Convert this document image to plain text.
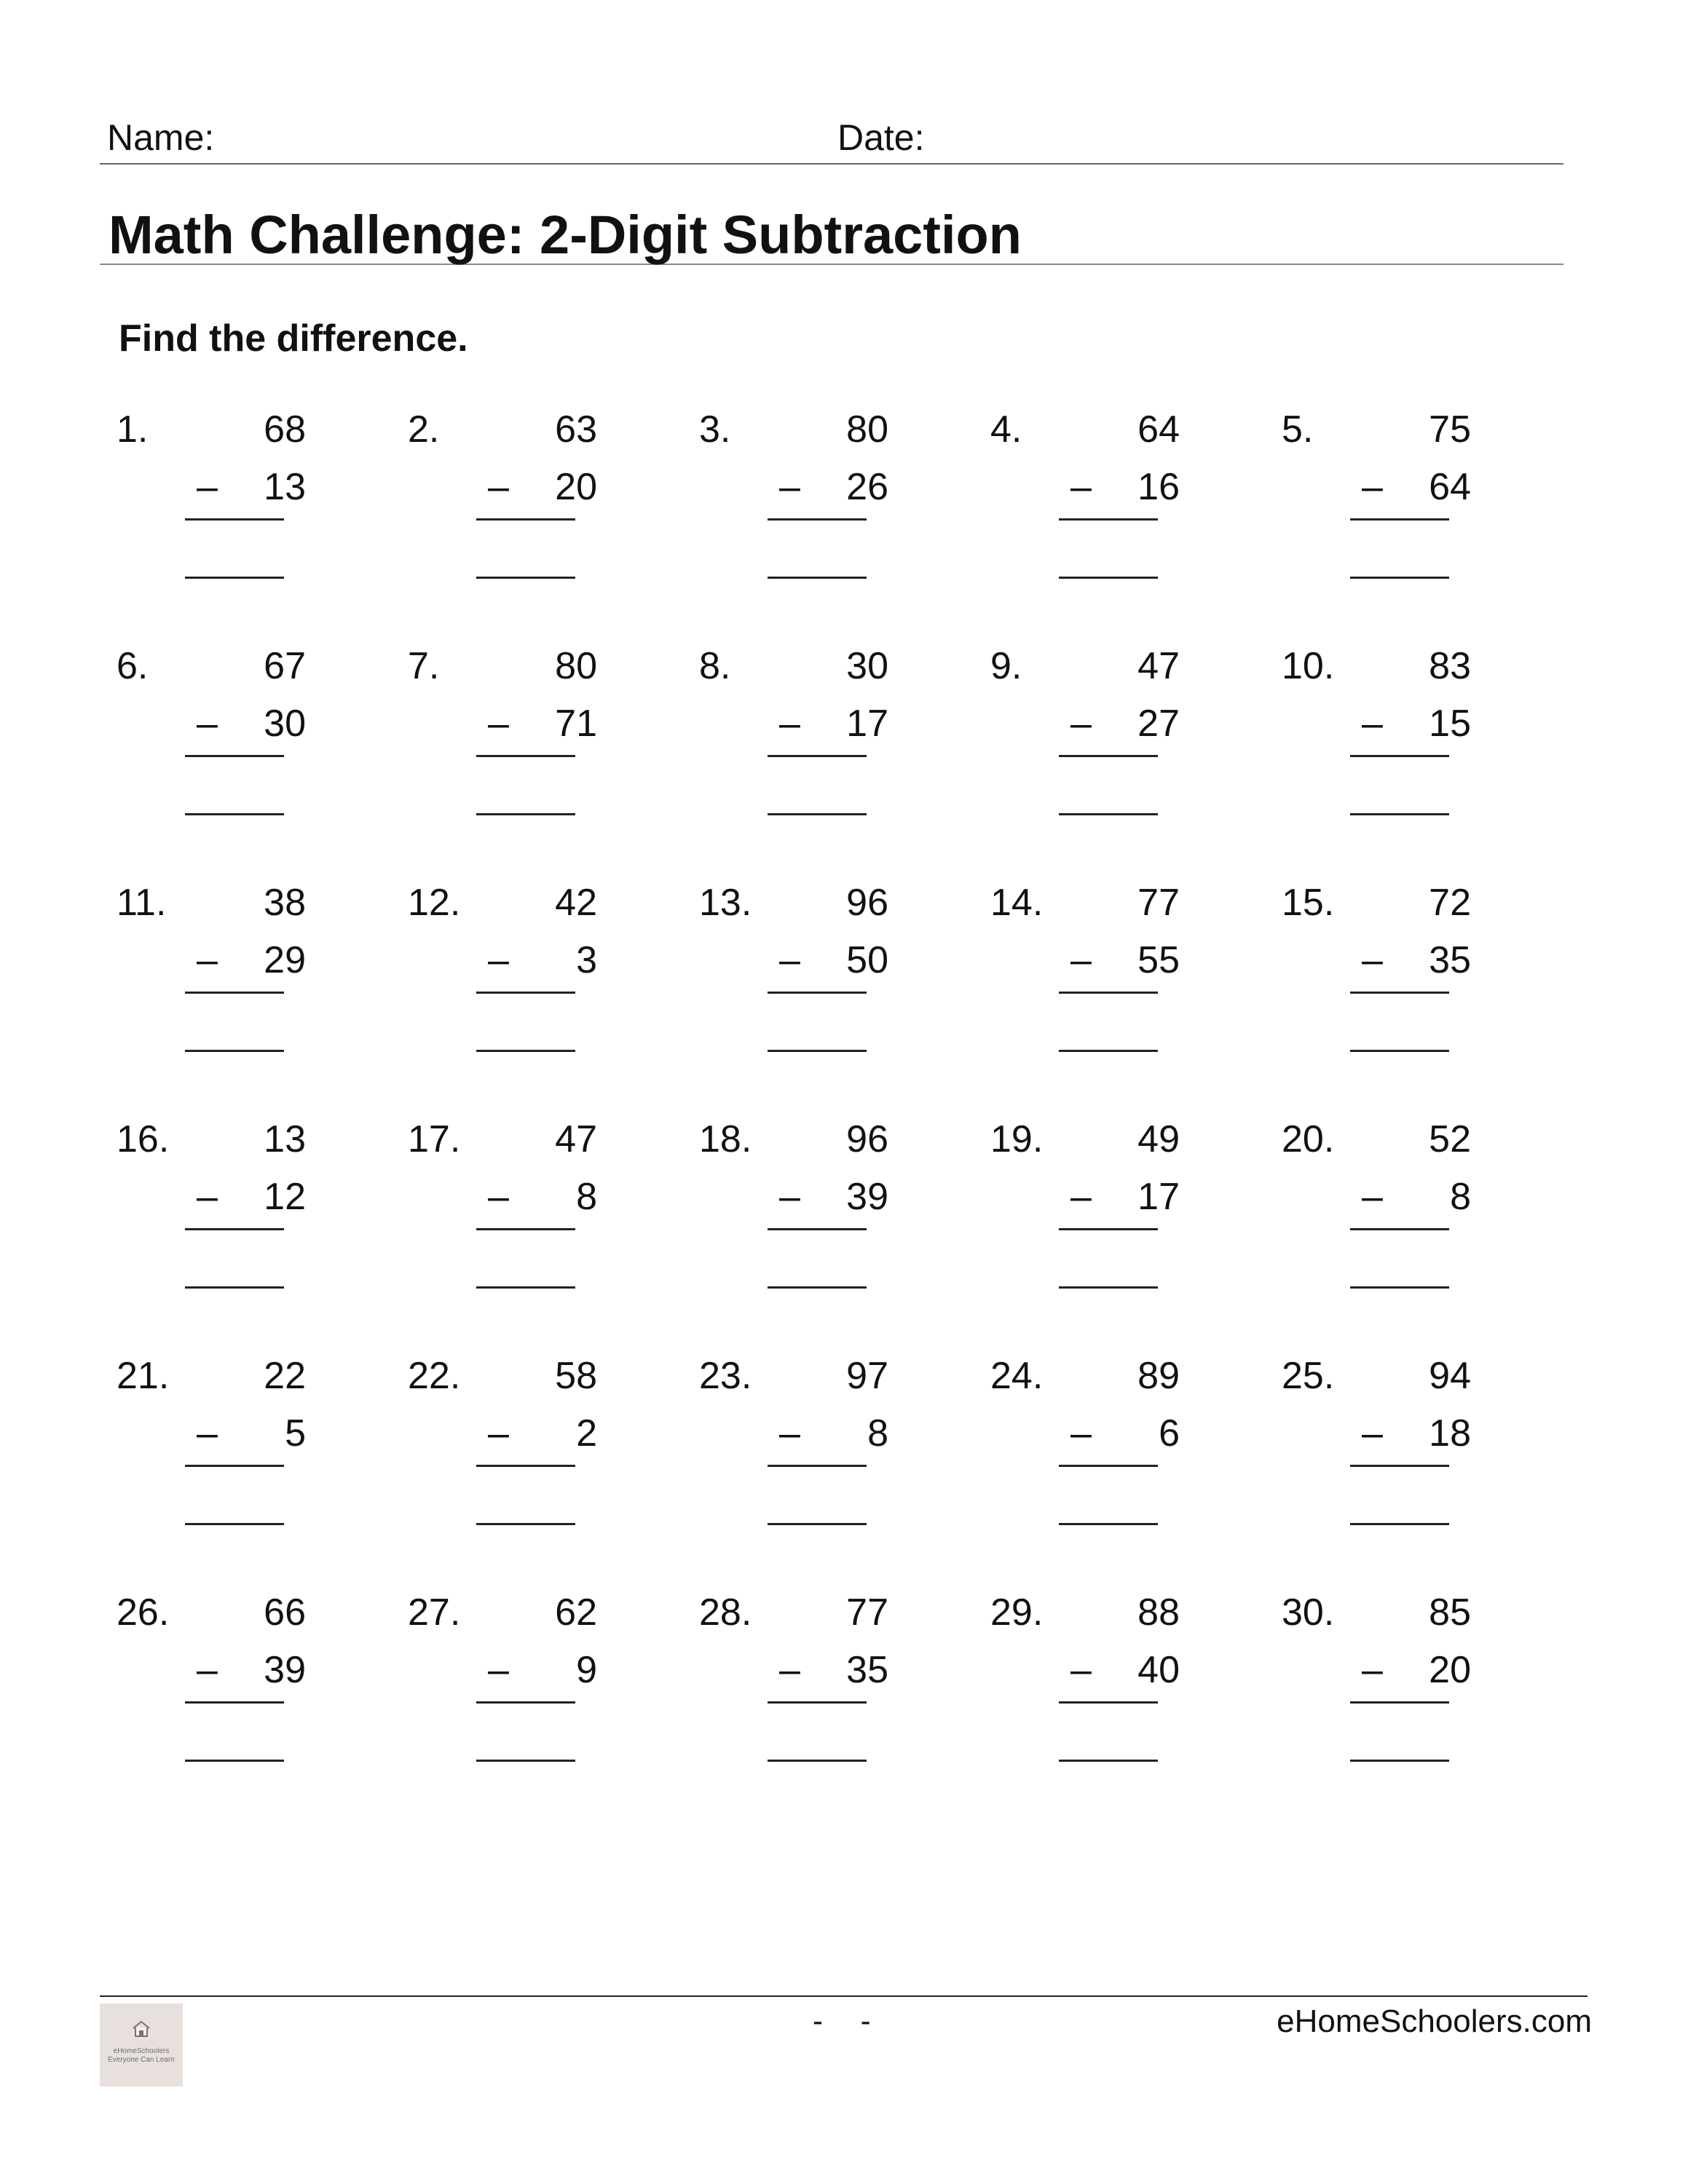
Name:	Date:
Math Challenge: 2-Digit Subtraction
Find the difference.
1.	68
–	13
2.	63
–	20
3.	80
–	26
4.	64
–	16
5.	75
–	64
6.	67
–	30
7.	80
–	71
8.	30
–	17
9.	47
–	27
10.	83
–	15
11.	38
–	29
12.	42
–	3
13.	96
–	50
14.	77
–	55
15.	72
–	35
16.	13
–	12
17.	47
–	8
18.	96
–	39
19.	49
–	17
20.	52
–	8
21.	22
–	5
22.	58
–	2
23.	97
–	8
24.	89
–	6
25.	94
–	18
26.	66
–	39
27.	62
–	9
28.	77
–	35
29.	88
–	40
30.	85
–	20
eHomeSchoolers
Everyone Can Learn
- -	eHomeSchoolers.com
